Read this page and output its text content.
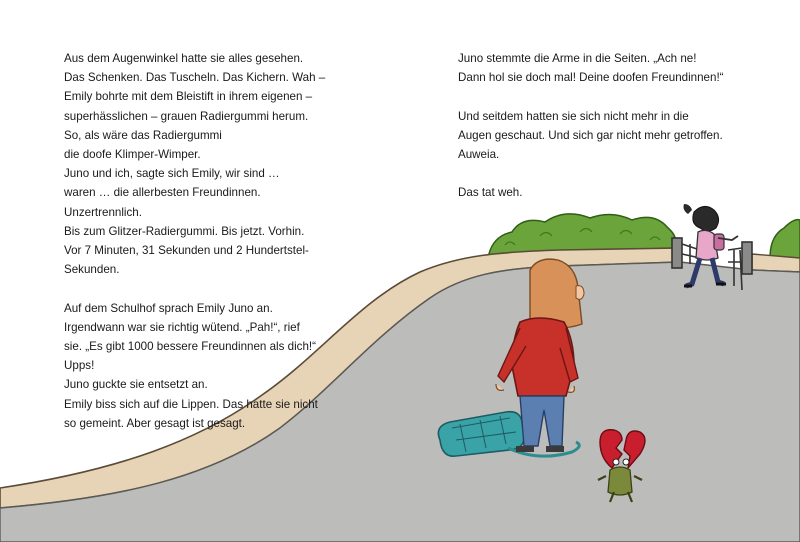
Aus dem Augenwinkel hatte sie alles gesehen.
Das Schenken. Das Tuscheln. Das Kichern. Wah –
Emily bohrte mit dem Bleistift in ihrem eigenen –
superhässlichen – grauen Radiergummi herum.
So, als wäre das Radiergummi
die doofe Klimper-Wimper.
Juno und ich, sagte sich Emily, wir sind …
waren … die allerbesten Freundinnen.
Unzertrennlich.
Bis zum Glitzer-Radiergummi. Bis jetzt. Vorhin.
Vor 7 Minuten, 31 Sekunden und 2 Hundertstel-
Sekunden.
Auf dem Schulhof sprach Emily Juno an.
Irgendwann war sie richtig wütend. „Pah!“, rief
sie. „Es gibt 1000 bessere Freundinnen als dich!“
Upps!
Juno guckte sie entsetzt an.
Emily biss sich auf die Lippen. Das hatte sie nicht
so gemeint. Aber gesagt ist gesagt.
Juno stemmte die Arme in die Seiten. „Ach ne!
Dann hol sie doch mal! Deine doofen Freundinnen!“
Und seitdem hatten sie sich nicht mehr in die
Augen geschaut. Und sich gar nicht mehr getroffen.
Auweia.
Das tat weh.
